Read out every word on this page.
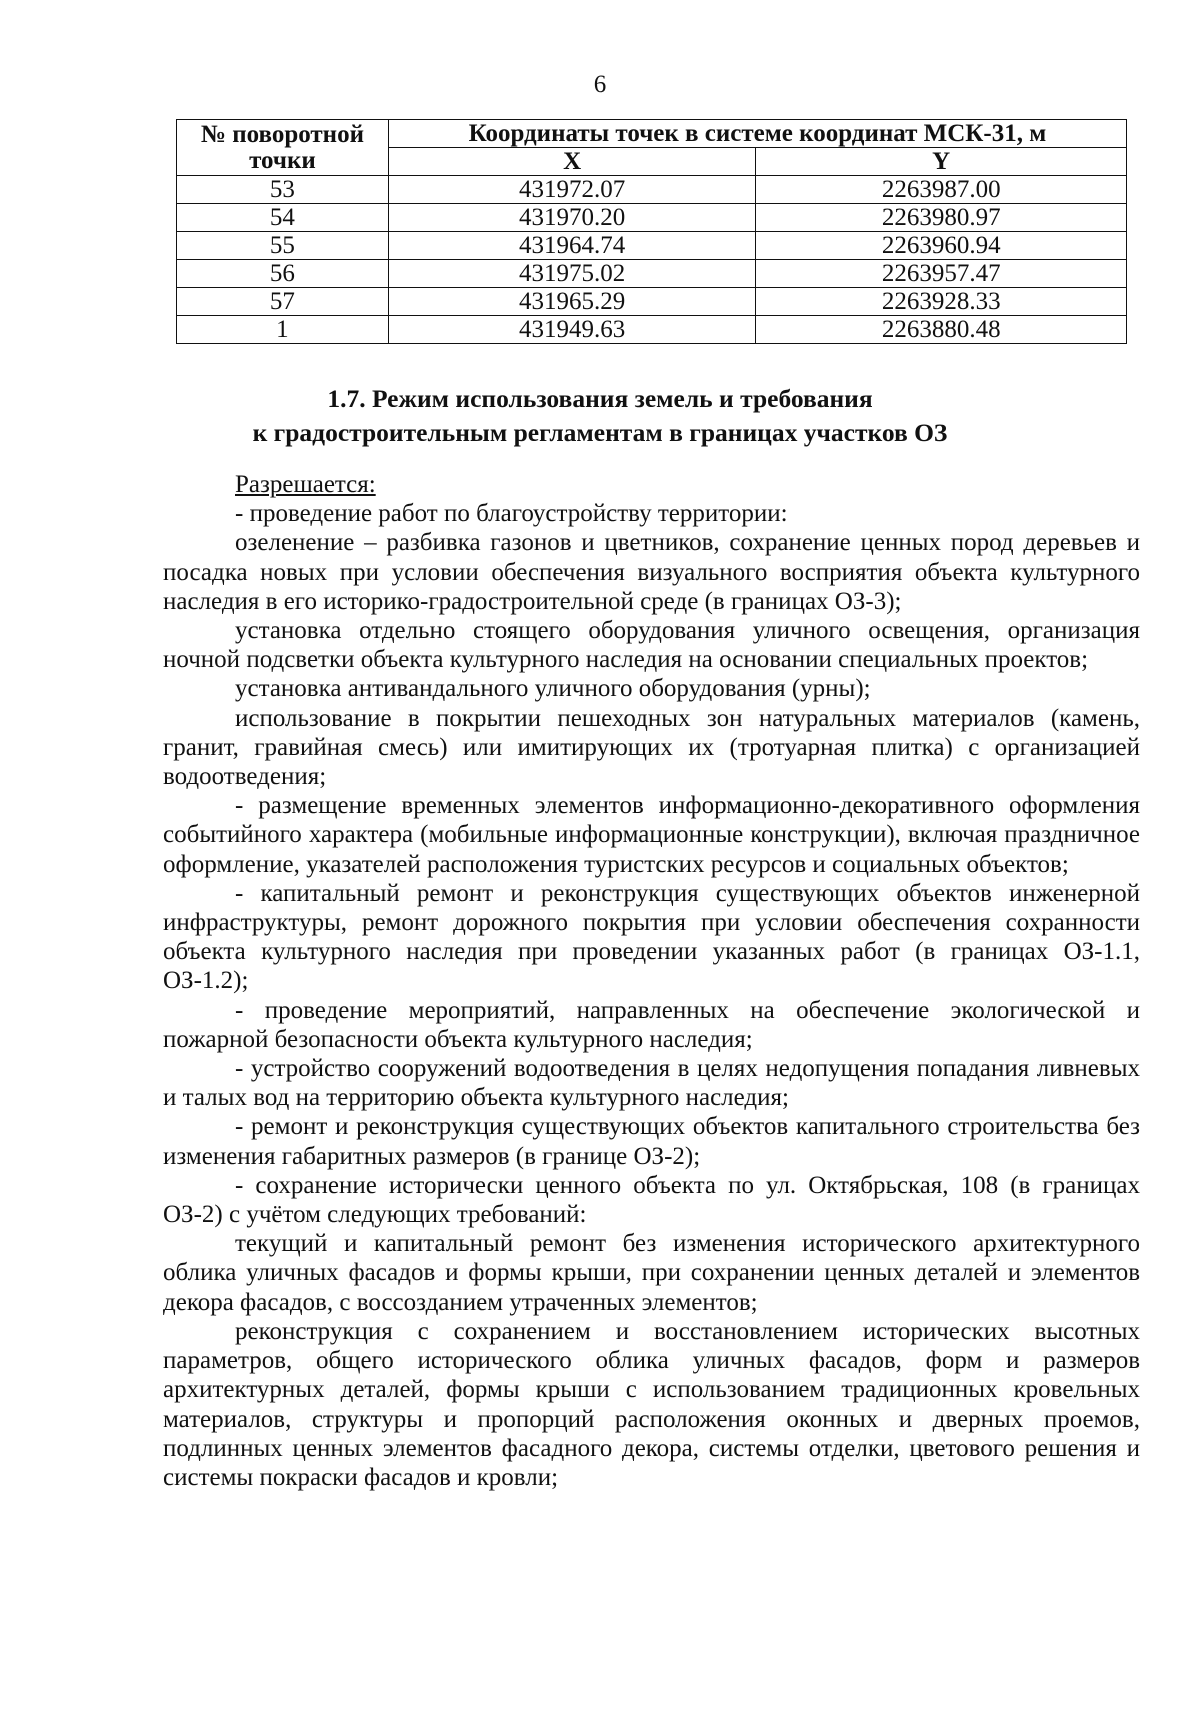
6
№ поворотной точки	Координаты точек в системе координат МСК-31, м	
	X	Y
53	431972.07	2263987.00
54	431970.20	2263980.97
55	431964.74	2263960.94
56	431975.02	2263957.47
57	431965.29	2263928.33
1	431949.63	2263880.48
1.7. Режим использования земель и требования
к градостроительным регламентам в границах участков ОЗ

Разрешается:

- проведение работ по благоустройству территории:

озеленение – разбивка газонов и цветников, сохранение ценных пород деревьев и посадка новых при условии обеспечения визуального восприятия объекта культурного наследия в его историко-градостроительной среде (в границах ОЗ-3);

установка отдельно стоящего оборудования уличного освещения, организация ночной подсветки объекта культурного наследия на основании специальных проектов;

установка антивандального уличного оборудования (урны);

использование в покрытии пешеходных зон натуральных материалов (камень, гранит, гравийная смесь) или имитирующих их (тротуарная плитка) с организацией водоотведения;

- размещение временных элементов информационно-декоративного оформления событийного характера (мобильные информационные конструкции), включая праздничное оформление, указателей расположения туристских ресурсов и социальных объектов;

- капитальный ремонт и реконструкция существующих объектов инженерной инфраструктуры, ремонт дорожного покрытия при условии обеспечения сохранности объекта культурного наследия при проведении указанных работ (в границах ОЗ-1.1, ОЗ-1.2);

- проведение мероприятий, направленных на обеспечение экологической и пожарной безопасности объекта культурного наследия;

- устройство сооружений водоотведения в целях недопущения попадания ливневых и талых вод на территорию объекта культурного наследия;

- ремонт и реконструкция существующих объектов капитального строительства без изменения габаритных размеров (в границе ОЗ-2);

- сохранение исторически ценного объекта по ул. Октябрьская, 108 (в границах ОЗ-2) с учётом следующих требований:

текущий и капитальный ремонт без изменения исторического архитектурного облика уличных фасадов и формы крыши, при сохранении ценных деталей и элементов декора фасадов, с воссозданием утраченных элементов;

реконструкция с сохранением и восстановлением исторических высотных параметров, общего исторического облика уличных фасадов, форм и размеров архитектурных деталей, формы крыши с использованием традиционных кровельных материалов, структуры и пропорций расположения оконных и дверных проемов, подлинных ценных элементов фасадного декора, системы отделки, цветового решения и системы покраски фасадов и кровли;
